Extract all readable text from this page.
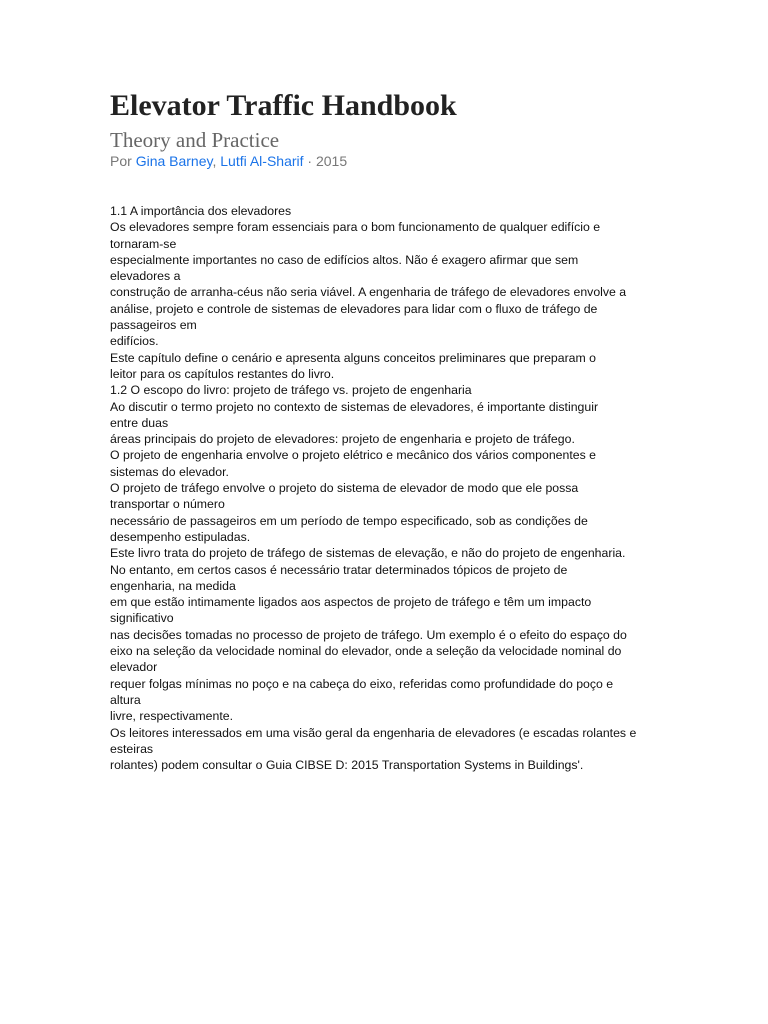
Elevator Traffic Handbook
Theory and Practice
Por Gina Barney, Lutfi Al-Sharif · 2015
1.1 A importância dos elevadores
Os elevadores sempre foram essenciais para o bom funcionamento de qualquer edifício e
tornaram-se
especialmente importantes no caso de edifícios altos. Não é exagero afirmar que sem
elevadores a
construção de arranha-céus não seria viável. A engenharia de tráfego de elevadores envolve a
análise, projeto e controle de sistemas de elevadores para lidar com o fluxo de tráfego de
passageiros em
edifícios.
Este capítulo define o cenário e apresenta alguns conceitos preliminares que preparam o
leitor para os capítulos restantes do livro.
1.2 O escopo do livro: projeto de tráfego vs. projeto de engenharia
Ao discutir o termo projeto no contexto de sistemas de elevadores, é importante distinguir
entre duas
áreas principais do projeto de elevadores: projeto de engenharia e projeto de tráfego.
O projeto de engenharia envolve o projeto elétrico e mecânico dos vários componentes e
sistemas do elevador.
O projeto de tráfego envolve o projeto do sistema de elevador de modo que ele possa
transportar o número
necessário de passageiros em um período de tempo especificado, sob as condições de
desempenho estipuladas.
Este livro trata do projeto de tráfego de sistemas de elevação, e não do projeto de engenharia.
No entanto, em certos casos é necessário tratar determinados tópicos de projeto de
engenharia, na medida
em que estão intimamente ligados aos aspectos de projeto de tráfego e têm um impacto
significativo
nas decisões tomadas no processo de projeto de tráfego. Um exemplo é o efeito do espaço do
eixo na seleção da velocidade nominal do elevador, onde a seleção da velocidade nominal do
elevador
requer folgas mínimas no poço e na cabeça do eixo, referidas como profundidade do poço e
altura
livre, respectivamente.
Os leitores interessados em uma visão geral da engenharia de elevadores (e escadas rolantes e
esteiras
rolantes) podem consultar o Guia CIBSE D: 2015 Transportation Systems in Buildings'.
